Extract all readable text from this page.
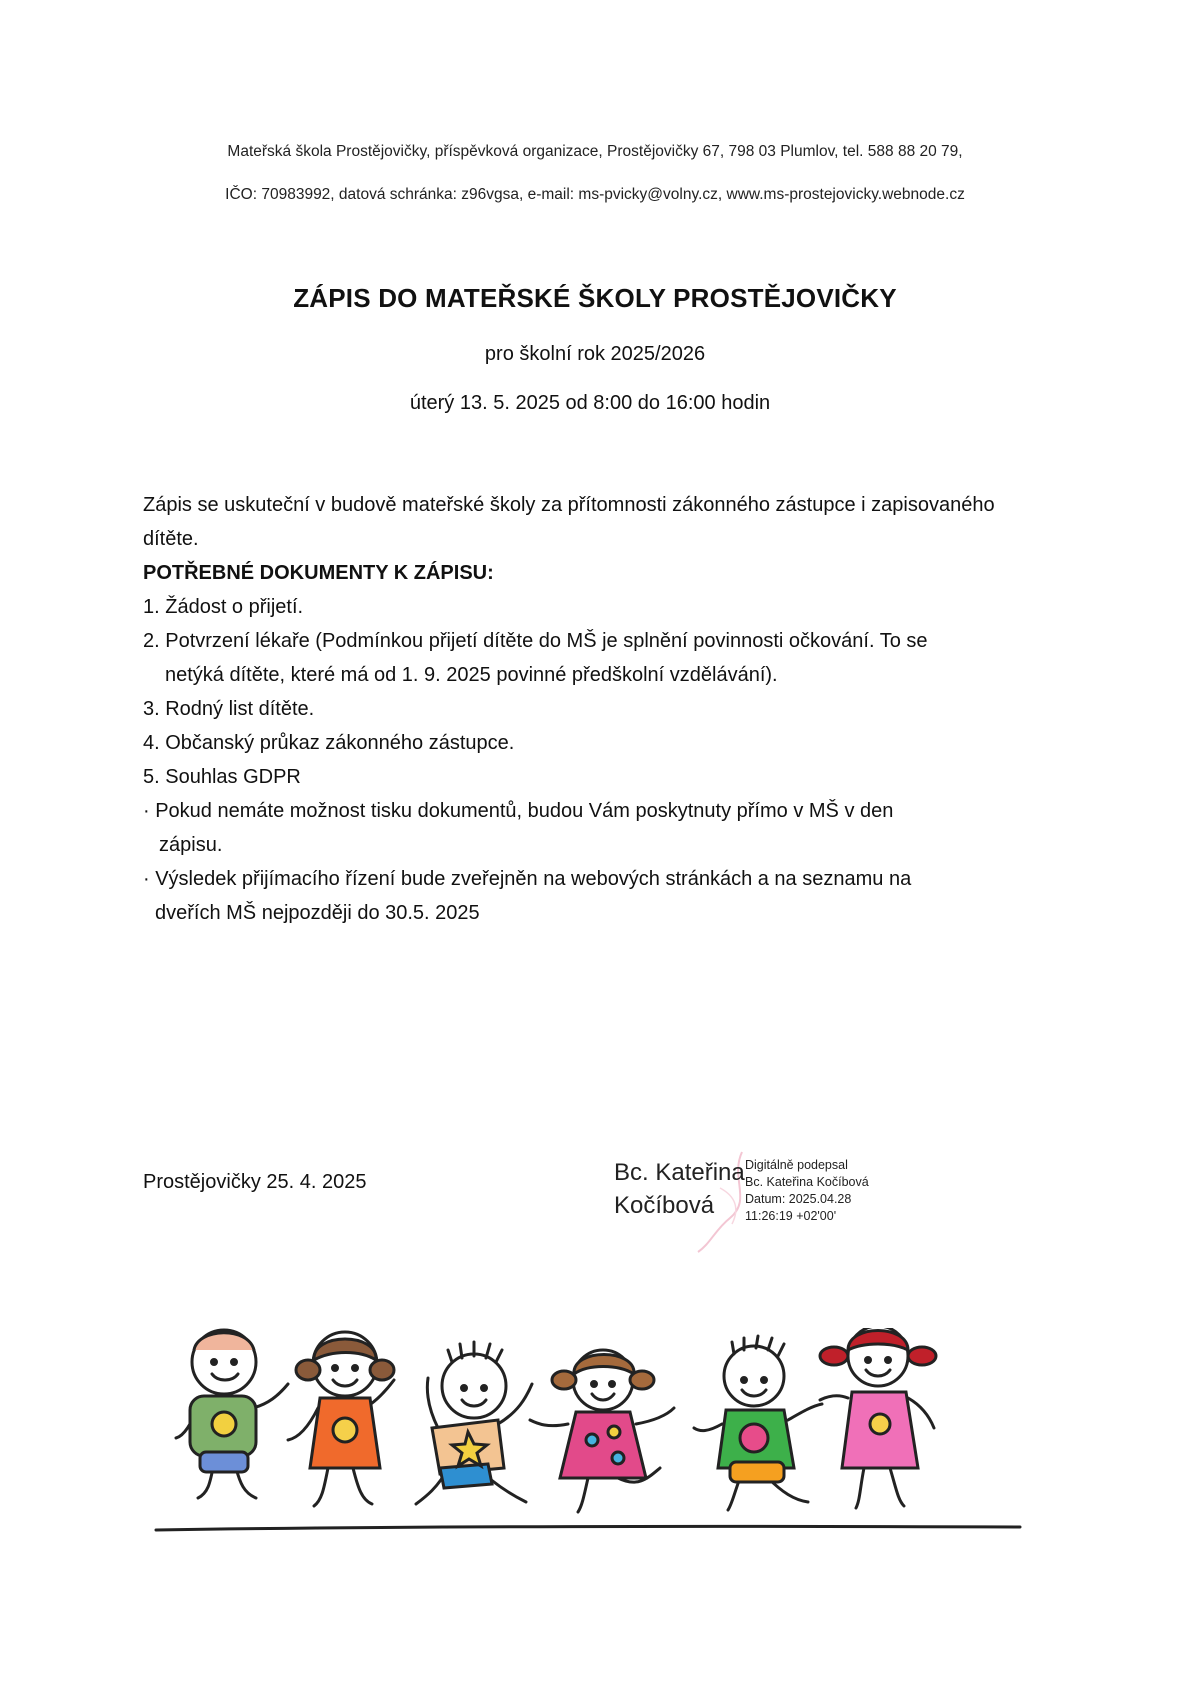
Mateřská škola Prostějovičky, příspěvková organizace, Prostějovičky 67, 798 03 Plumlov, tel. 588 88 20 79,
IČO: 70983992, datová schránka: z96vgsa, e-mail: ms-pvicky@volny.cz, www.ms-prostejovicky.webnode.cz
ZÁPIS DO MATEŘSKÉ ŠKOLY PROSTĚJOVIČKY
pro školní rok 2025/2026
úterý 13. 5. 2025 od 8:00 do 16:00 hodin
Zápis se uskuteční v budově mateřské školy za přítomnosti zákonného zástupce i zapisovaného
dítěte.
POTŘEBNÉ DOKUMENTY K ZÁPISU:
1. Žádost o přijetí.
2. Potvrzení lékaře (Podmínkou přijetí dítěte do MŠ je splnění povinnosti očkování. To se
netýká dítěte, které má od 1. 9. 2025 povinné předškolní vzdělávání).
3. Rodný list dítěte.
4. Občanský průkaz zákonného zástupce.
5. Souhlas GDPR
· Pokud nemáte možnost tisku dokumentů, budou Vám poskytnuty přímo v MŠ v den
zápisu.
· Výsledek přijímacího řízení bude zveřejněn na webových stránkách a na seznamu na
dveřích MŠ nejpozději do 30.5. 2025
Prostějovičky 25. 4. 2025	Bc. Kateřina
Kočíbová
Digitálně podepsal
Bc. Kateřina Kočíbová
Datum: 2025.04.28
11:26:19 +02'00'
